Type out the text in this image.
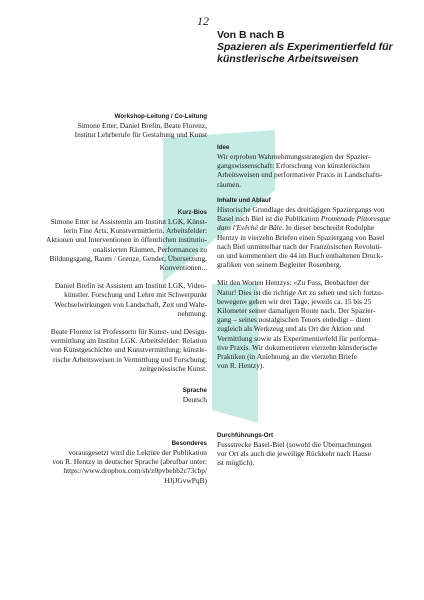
12
Von B nach B
Spazieren als Experimentierfeld für
künstlerische Arbeitsweisen
Workshop-Leitung / Co-Leitung
Simone Etter, Daniel Brefin, Beate Florenz,
Institut Lehrberufe für Gestaltung und Kunst
Kurz-Bios

Simone Etter ist Assistentin am Institut LGK, Künst-
lerin Fine Arts, Kunstvermittlerin. Arbeitsfelder:
Aktionen und Interventionen in öffentlichen institutio-
onalisierten Räumen, Performances zu
Bildungsgang, Raum / Grenze, Gender, Übersetzung,
Konventionen...

Daniel Brefin ist Assistent am Institut LGK, Video-
künstler. Forschung und Lehre mit Schwerpunkt
Wechselwirkungen von Landschaft, Zeit und Wahr-
nehmung.

Beate Florenz ist Professorin für Kunst- und Design-
vermittlung am Institut LGK. Arbeitsfelder: Relation
von Kunstgeschichte und Kunstvermittlung; künstle-
rische Arbeitsweisen in Vermittlung und Forschung;
zeitgenössische Kunst.

Sprache
Deutsch
Besonderes
vorausgesetzt wird die Lektüre der Publikation
von R. Hentzy in deutscher Sprache (abrufbar unter:
https://www.dropbox.com/sh/z0pvbehb2c73cbp/
HJjJGvwPqB)
Idee
Wir erproben Wahrnehmungsstrategien der Spazier-
gangswissenschaft: Erforschung von künstlerischen
Arbeitsweisen und performativer Praxis in Landschafts-
räumen.
Inhalte und Ablauf

Historische Grundlage des dreitägigen Spaziergangs von
Basel nach Biel ist die Publikation Promenade Pittoresque
dans l'Evêché de Bâle. In dieser beschreibt Rodolphe
Hentzy in vierzehn Briefen einen Spaziergang von Basel
nach Biel unmittelbar nach der Französischen Revoluti-
on und kommentiert die 44 im Buch enthaltenen Druck-
grafiken von seinem Begleiter Rosenberg.

Mit den Worten Hentzys: «Zu Fuss, Beobachter der
Natur! Dies ist die richtige Art zu sehen und sich fortzu-
bewegen» gehen wir drei Tage, jeweils ca. 15 bis 25
Kilometer seiner damaligen Route nach. Der Spazier-
gang – seines nostalgischen Tenors entledigt – dient
zugleich als Werkzeug und als Ort der Aktion und
Vermittlung sowie als Experimentierfeld für performa-
tive Praxis. Wir dokumentieren vierzehn künstlerische
Praktiken (in Anlehnung an die vierzehn Briefe
von R. Hentzy).

Durchführungs-Ort
Fussstrecke Basel-Biel (sowohl die Übernachtungen
vor Ort als auch die jeweilige Rückkehr nach Hause
ist möglich).
